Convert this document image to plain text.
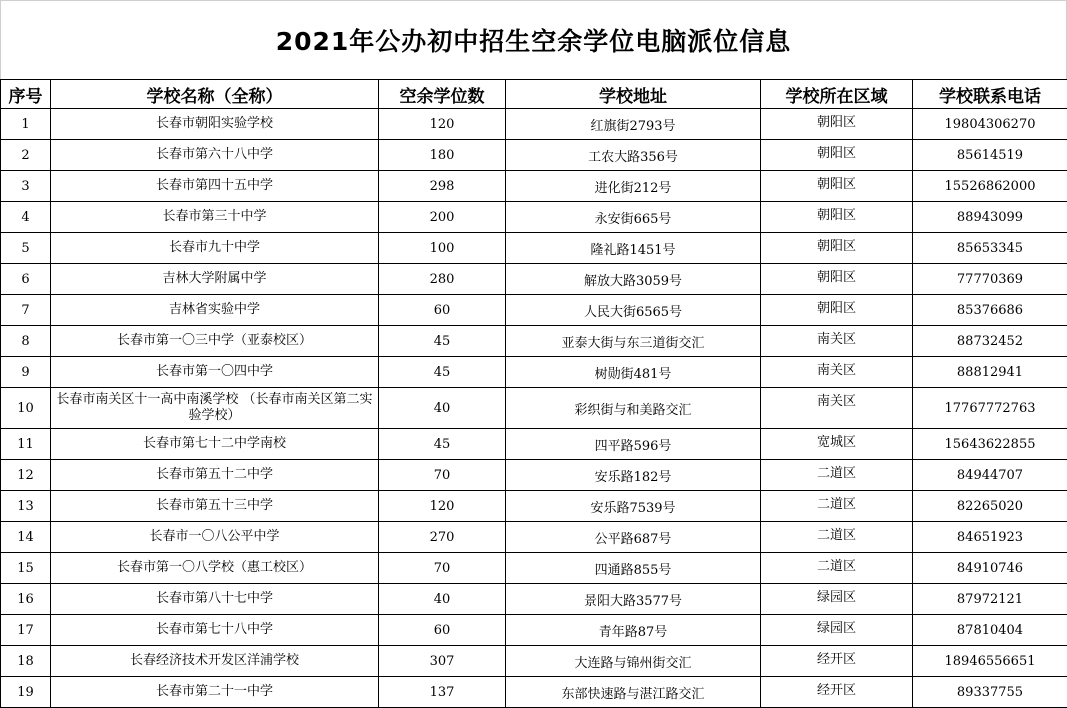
2021年公办初中招生空余学位电脑派位信息
序号	学校名称（全称）	空余学位数	学校地址	学校所在区域	学校联系电话
1	长春市朝阳实验学校	120	红旗街2793号	朝阳区	19804306270
2	长春市第六十八中学	180	工农大路356号	朝阳区	85614519
3	长春市第四十五中学	298	进化街212号	朝阳区	15526862000
4	长春市第三十中学	200	永安街665号	朝阳区	88943099
5	长春市九十中学	100	隆礼路1451号	朝阳区	85653345
6	吉林大学附属中学	280	解放大路3059号	朝阳区	77770369
7	吉林省实验中学	60	人民大街6565号	朝阳区	85376686
8	长春市第一〇三中学（亚泰校区）	45	亚泰大街与东三道街交汇	南关区	88732452
9	长春市第一〇四中学	45	树勋街481号	南关区	88812941
10	长春市南关区十一高中南溪学校 （长春市南关区第二实验学校）	40	彩织街与和美路交汇	南关区	17767772763
11	长春市第七十二中学南校	45	四平路596号	宽城区	15643622855
12	长春市第五十二中学	70	安乐路182号	二道区	84944707
13	长春市第五十三中学	120	安乐路7539号	二道区	82265020
14	长春市一〇八公平中学	270	公平路687号	二道区	84651923
15	长春市第一〇八学校（惠工校区）	70	四通路855号	二道区	84910746
16	长春市第八十七中学	40	景阳大路3577号	绿园区	87972121
17	长春市第七十八中学	60	青年路87号	绿园区	87810404
18	长春经济技术开发区洋浦学校	307	大连路与锦州街交汇	经开区	18946556651
19	长春市第二十一中学	137	东部快速路与湛江路交汇	经开区	89337755
